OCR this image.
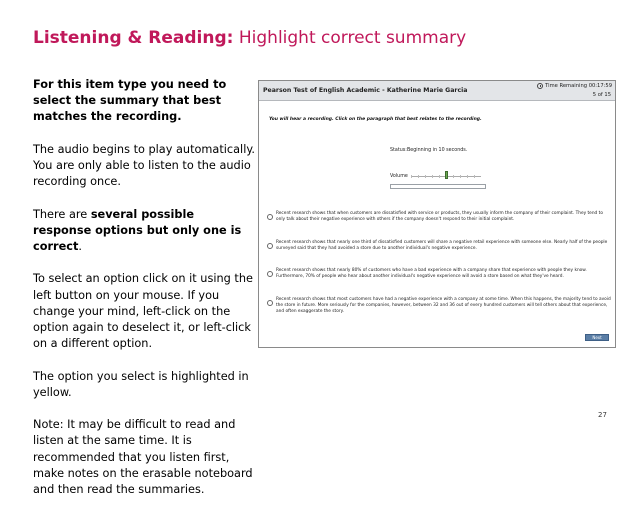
Listening & Reading: Highlight correct summary

For this item type you need to select the summary that best matches the recording.

The audio begins to play automatically. You are only able to listen to the audio recording once.

There are several possible response options but only one is correct.

To select an option click on it using the left button on your mouse. If you change your mind, left-click on the option again to deselect it, or left-click on a different option.

The option you select is highlighted in yellow.

Note: It may be difficult to read and listen at the same time. It is recommended that you listen first, make notes on the erasable noteboard and then read the summaries.

Pearson Test of English Academic - Katherine Marie Garcia
Time Remaining 00:17:59
5 of 15
You will hear a recording. Click on the paragraph that best relates to the recording.
Status: Beginning in 10 seconds.
Volume
Recent research shows that when customers are dissatisfied with service or products, they usually inform the company of their complaint. They tend to only talk about their negative experience with others if the company doesn't respond to their initial complaint.
Recent research shows that nearly one third of dissatisfied customers will share a negative retail experience with someone else. Nearly half of the people surveyed said that they had avoided a store due to another individual's negative experience.
Recent research shows that nearly 80% of customers who have a bad experience with a company share that experience with people they know. Furthermore, 70% of people who hear about another individual's negative experience will avoid a store based on what they've heard.
Recent research shows that most customers have had a negative experience with a company at some time. When this happens, the majority tend to avoid the store in future. More seriously for the companies, however, between 32 and 36 out of every hundred customers will tell others about that experience, and often exaggerate the story.
Next
27
